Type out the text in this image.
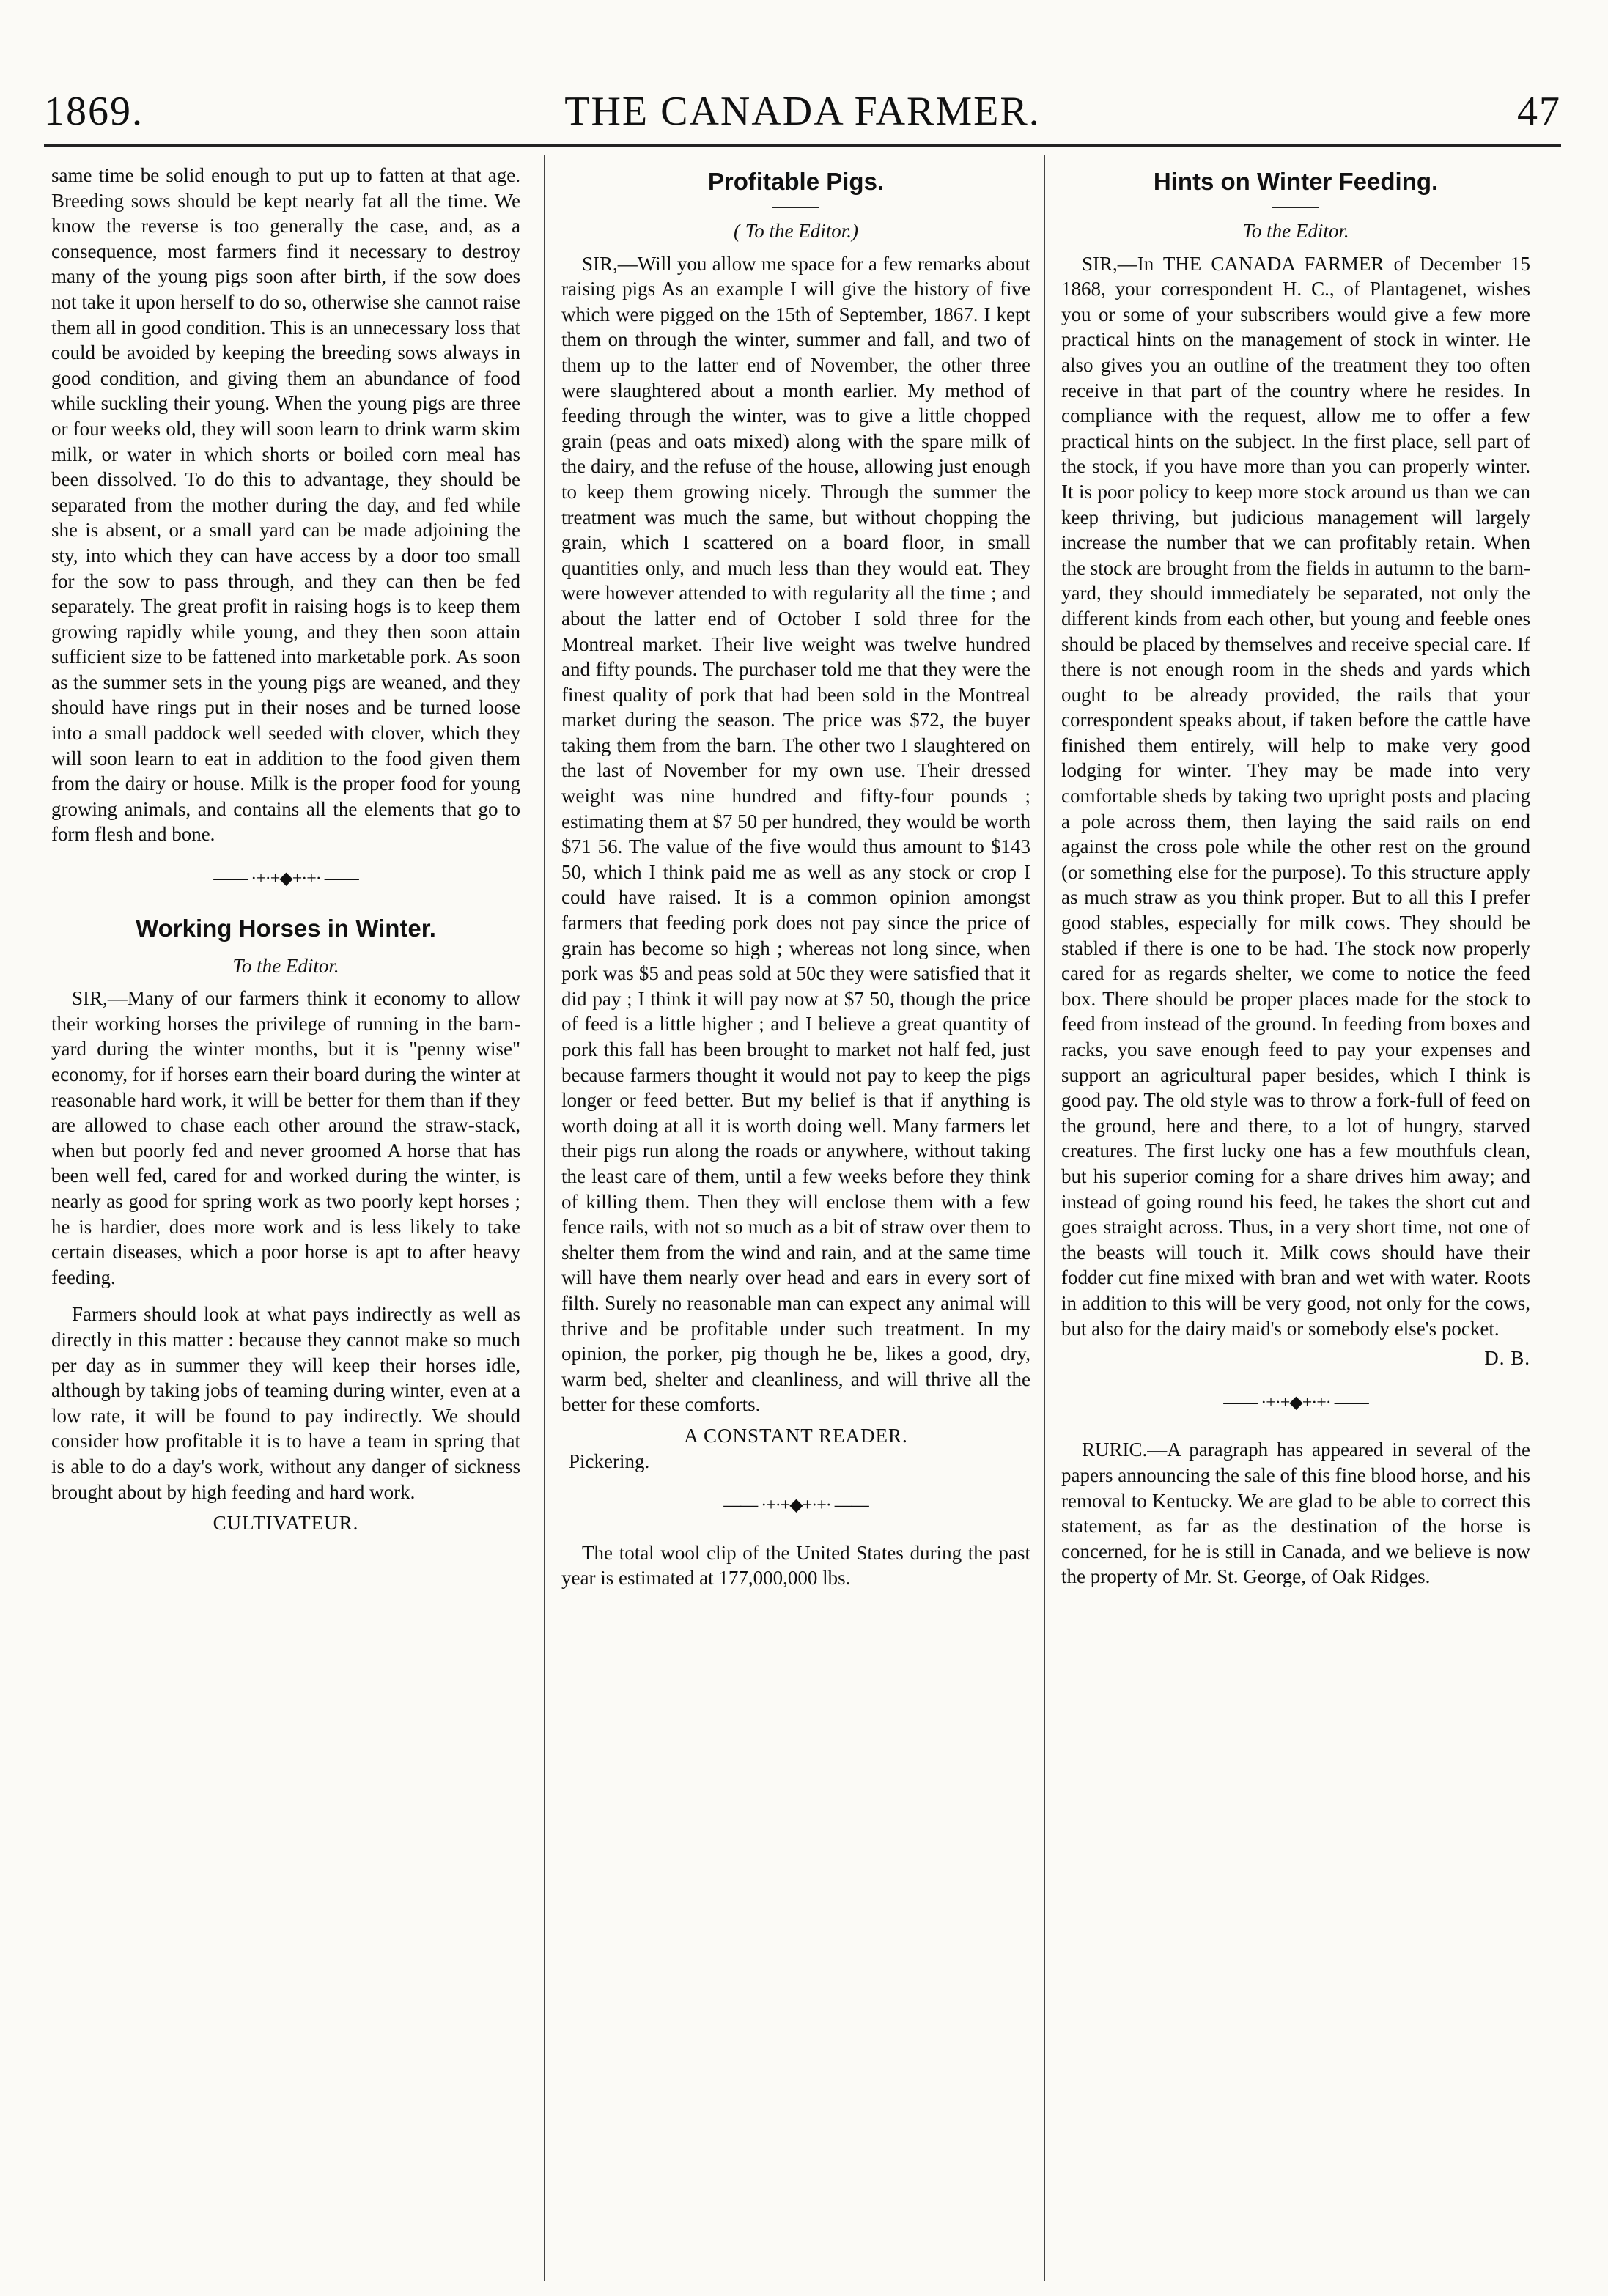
1869.	THE CANADA FARMER.	47

same time be solid enough to put up to fatten at that age. Breeding sows should be kept nearly fat all the time. We know the reverse is too generally the case, and, as a consequence, most farmers find it necessary to destroy many of the young pigs soon after birth, if the sow does not take it upon herself to do so, otherwise she cannot raise them all in good condition. This is an unnecessary loss that could be avoided by keeping the breeding sows always in good condition, and giving them an abundance of food while suckling their young. When the young pigs are three or four weeks old, they will soon learn to drink warm skim milk, or water in which shorts or boiled corn meal has been dissolved. To do this to advantage, they should be separated from the mother during the day, and fed while she is absent, or a small yard can be made adjoining the sty, into which they can have access by a door too small for the sow to pass through, and they can then be fed separately. The great profit in raising hogs is to keep them growing rapidly while young, and they then soon attain sufficient size to be fattened into marketable pork. As soon as the summer sets in the young pigs are weaned, and they should have rings put in their noses and be turned loose into a small paddock well seeded with clover, which they will soon learn to eat in addition to the food given them from the dairy or house. Milk is the proper food for young growing animals, and contains all the elements that go to form flesh and bone.

—— ·+·+◆+·+· ——
Working Horses in Winter.
To the Editor.

SIR,—Many of our farmers think it economy to allow their working horses the privilege of running in the barn-yard during the winter months, but it is "penny wise" economy, for if horses earn their board during the winter at reasonable hard work, it will be better for them than if they are allowed to chase each other around the straw-stack, when but poorly fed and never groomed A horse that has been well fed, cared for and worked during the winter, is nearly as good for spring work as two poorly kept horses ; he is hardier, does more work and is less likely to take certain diseases, which a poor horse is apt to after heavy feeding.

Farmers should look at what pays indirectly as well as directly in this matter : because they cannot make so much per day as in summer they will keep their horses idle, although by taking jobs of teaming during winter, even at a low rate, it will be found to pay indirectly. We should consider how profitable it is to have a team in spring that is able to do a day's work, without any danger of sickness brought about by high feeding and hard work.

CULTIVATEUR.
Profitable Pigs.
( To the Editor.)

SIR,—Will you allow me space for a few remarks about raising pigs As an example I will give the history of five which were pigged on the 15th of September, 1867. I kept them on through the winter, summer and fall, and two of them up to the latter end of November, the other three were slaughtered about a month earlier. My method of feeding through the winter, was to give a little chopped grain (peas and oats mixed) along with the spare milk of the dairy, and the refuse of the house, allowing just enough to keep them growing nicely. Through the summer the treatment was much the same, but without chopping the grain, which I scattered on a board floor, in small quantities only, and much less than they would eat. They were however attended to with regularity all the time ; and about the latter end of October I sold three for the Montreal market. Their live weight was twelve hundred and fifty pounds. The purchaser told me that they were the finest quality of pork that had been sold in the Montreal market during the season. The price was $72, the buyer taking them from the barn. The other two I slaughtered on the last of November for my own use. Their dressed weight was nine hundred and fifty-four pounds ; estimating them at $7 50 per hundred, they would be worth $71 56. The value of the five would thus amount to $143 50, which I think paid me as well as any stock or crop I could have raised. It is a common opinion amongst farmers that feeding pork does not pay since the price of grain has become so high ; whereas not long since, when pork was $5 and peas sold at 50c they were satisfied that it did pay ; I think it will pay now at $7 50, though the price of feed is a little higher ; and I believe a great quantity of pork this fall has been brought to market not half fed, just because farmers thought it would not pay to keep the pigs longer or feed better. But my belief is that if anything is worth doing at all it is worth doing well. Many farmers let their pigs run along the roads or anywhere, without taking the least care of them, until a few weeks before they think of killing them. Then they will enclose them with a few fence rails, with not so much as a bit of straw over them to shelter them from the wind and rain, and at the same time will have them nearly over head and ears in every sort of filth. Surely no reasonable man can expect any animal will thrive and be profitable under such treatment. In my opinion, the porker, pig though he be, likes a good, dry, warm bed, shelter and cleanliness, and will thrive all the better for these comforts.

A CONSTANT READER.

Pickering.

—— ·+·+◆+·+· ——

The total wool clip of the United States during the past year is estimated at 177,000,000 lbs.

Hints on Winter Feeding.
To the Editor.

SIR,—In THE CANADA FARMER of December 15 1868, your correspondent H. C., of Plantagenet, wishes you or some of your subscribers would give a few more practical hints on the management of stock in winter. He also gives you an outline of the treatment they too often receive in that part of the country where he resides. In compliance with the request, allow me to offer a few practical hints on the subject. In the first place, sell part of the stock, if you have more than you can properly winter. It is poor policy to keep more stock around us than we can keep thriving, but judicious management will largely increase the number that we can profitably retain. When the stock are brought from the fields in autumn to the barn-yard, they should immediately be separated, not only the different kinds from each other, but young and feeble ones should be placed by themselves and receive special care. If there is not enough room in the sheds and yards which ought to be already provided, the rails that your correspondent speaks about, if taken before the cattle have finished them entirely, will help to make very good lodging for winter. They may be made into very comfortable sheds by taking two upright posts and placing a pole across them, then laying the said rails on end against the cross pole while the other rest on the ground (or something else for the purpose). To this structure apply as much straw as you think proper. But to all this I prefer good stables, especially for milk cows. They should be stabled if there is one to be had. The stock now properly cared for as regards shelter, we come to notice the feed box. There should be proper places made for the stock to feed from instead of the ground. In feeding from boxes and racks, you save enough feed to pay your expenses and support an agricultural paper besides, which I think is good pay. The old style was to throw a fork-full of feed on the ground, here and there, to a lot of hungry, starved creatures. The first lucky one has a few mouthfuls clean, but his superior coming for a share drives him away; and instead of going round his feed, he takes the short cut and goes straight across. Thus, in a very short time, not one of the beasts will touch it. Milk cows should have their fodder cut fine mixed with bran and wet with water. Roots in addition to this will be very good, not only for the cows, but also for the dairy maid's or somebody else's pocket.

D. B.
—— ·+·+◆+·+· ——

RURIC.—A paragraph has appeared in several of the papers announcing the sale of this fine blood horse, and his removal to Kentucky. We are glad to be able to correct this statement, as far as the destination of the horse is concerned, for he is still in Canada, and we believe is now the property of Mr. St. George, of Oak Ridges.
